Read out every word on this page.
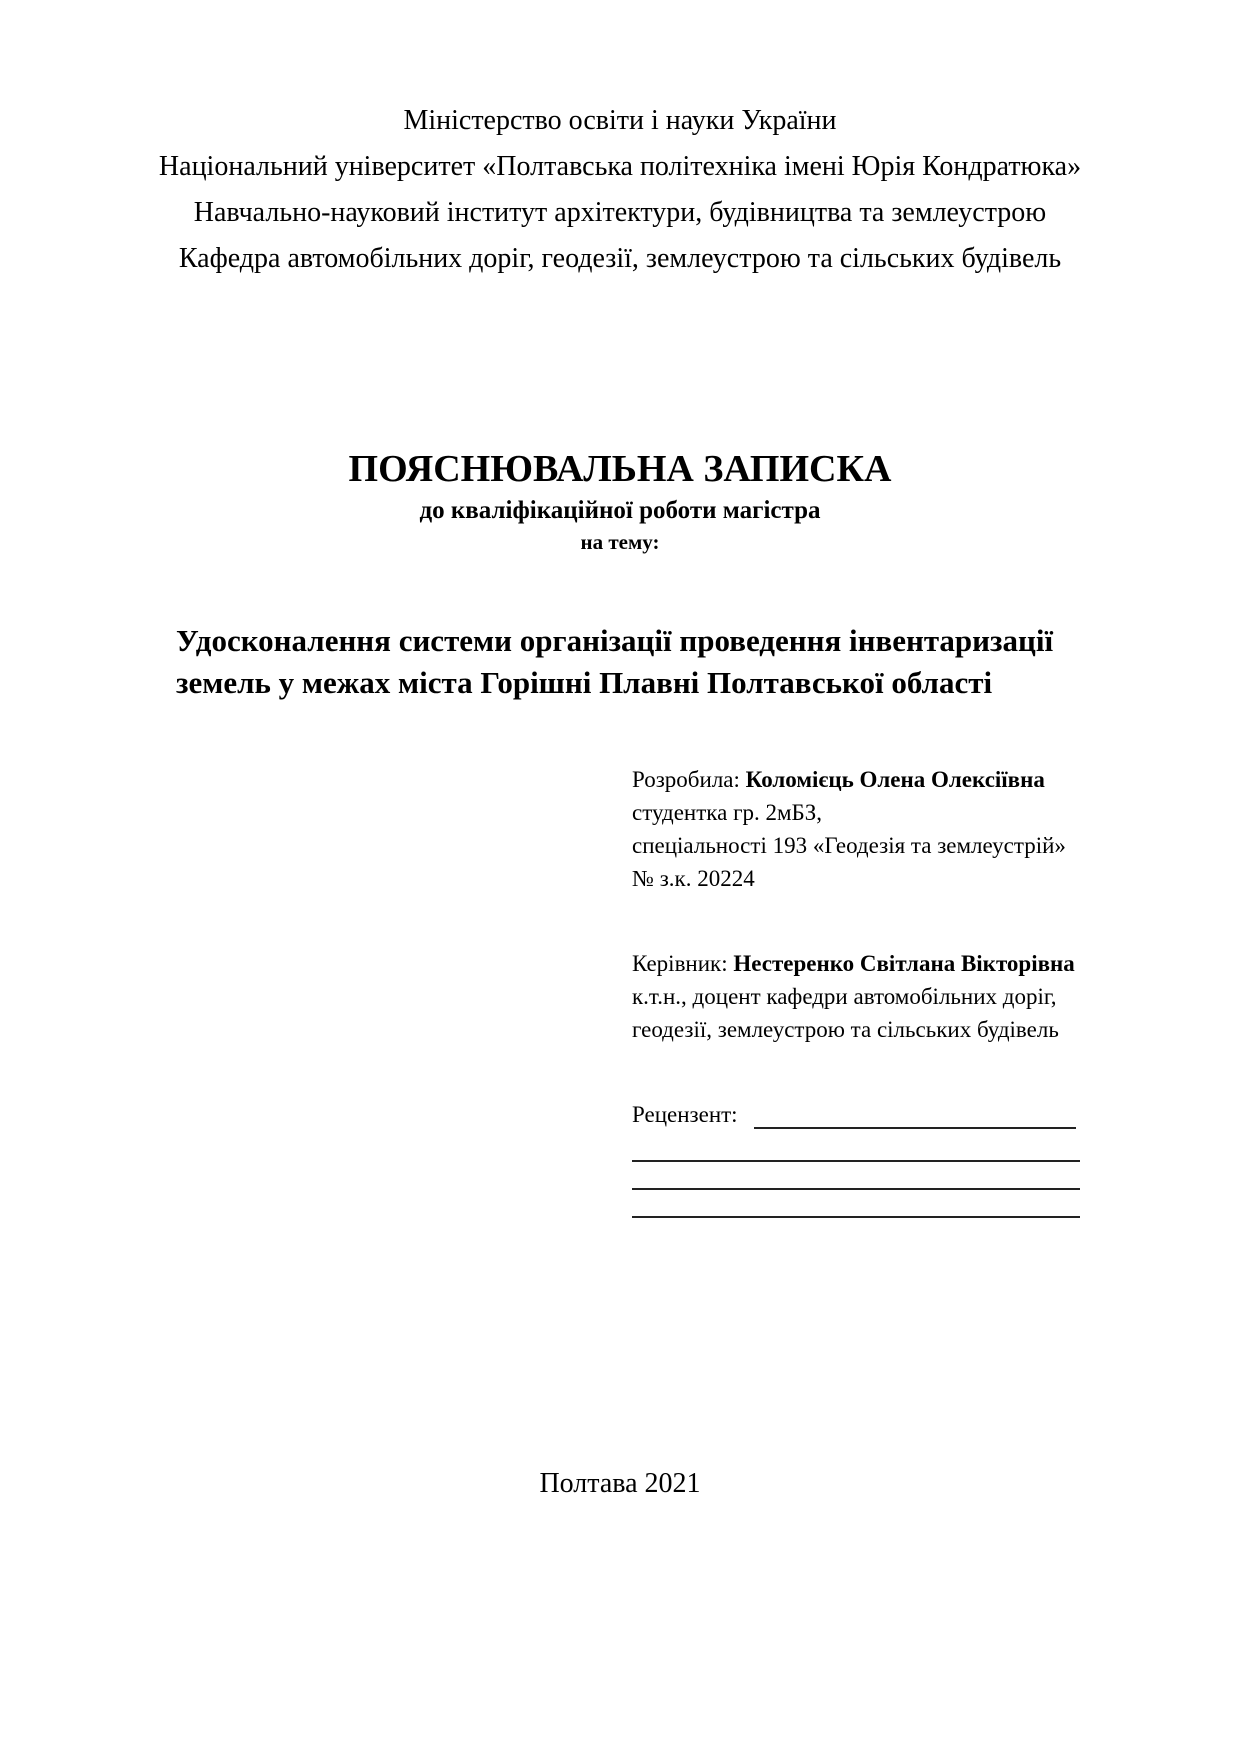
Міністерство освіти і науки України
Національний університет «Полтавська політехніка імені Юрія Кондратюка»
Навчально-науковий інститут архітектури, будівництва та землеустрою
Кафедра автомобільних доріг, геодезії, землеустрою та сільських будівель
ПОЯСНЮВАЛЬНА ЗАПИСКА
до кваліфікаційної роботи магістра
на тему:
Удосконалення системи організації проведення інвентаризації
земель у межах міста Горішні Плавні Полтавської області
Розробила: Коломієць Олена Олексіївна
студентка гр. 2мБЗ,
спеціальності 193 «Геодезія та землеустрій»
№ з.к. 20224
Керівник: Нестеренко Світлана Вікторівна
к.т.н., доцент кафедри автомобільних доріг,
геодезії, землеустрою та сільських будівель
Рецензент:
Полтава 2021
